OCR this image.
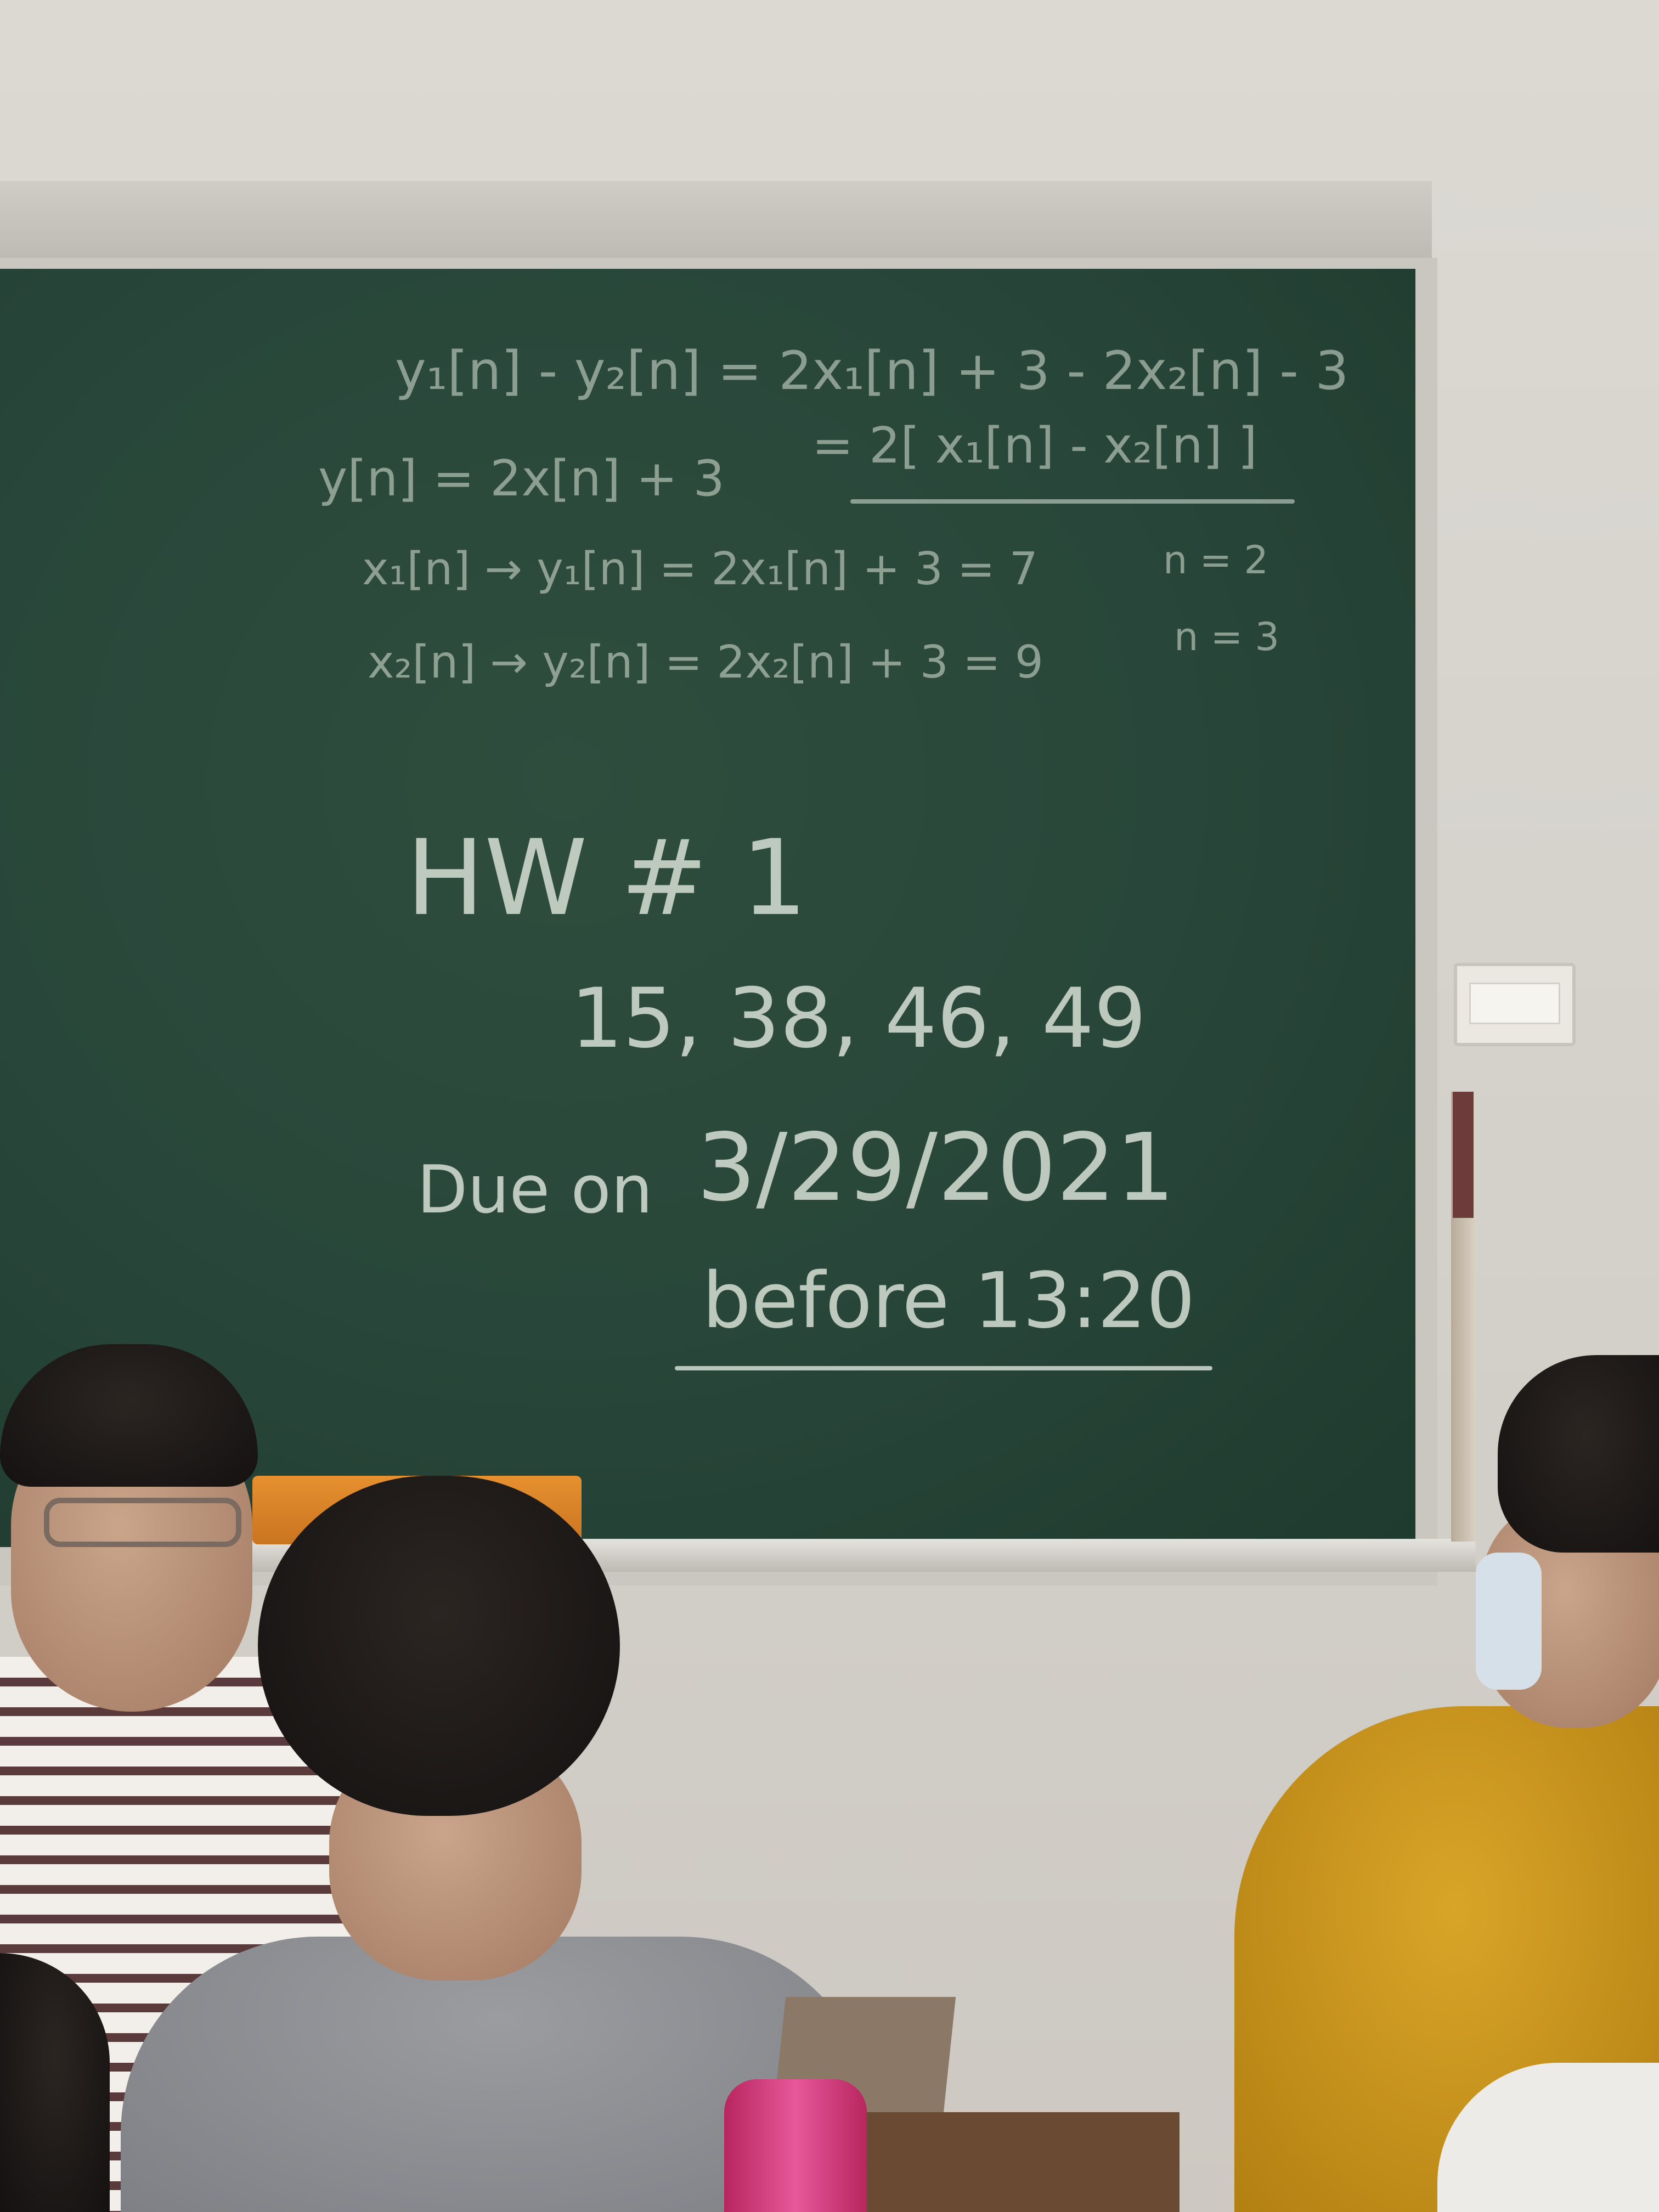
y₁[n] - y₂[n] = 2x₁[n] + 3 - 2x₂[n] - 3
y[n] = 2x[n] + 3
= 2[ x₁[n] - x₂[n] ]
x₁[n] → y₁[n] = 2x₁[n] + 3 = 7	n = 2
x₂[n] → y₂[n] = 2x₂[n] + 3 = 9	n = 3
HW # 1
15, 38, 46, 49
Due on 3/29/2021
before 13:20
